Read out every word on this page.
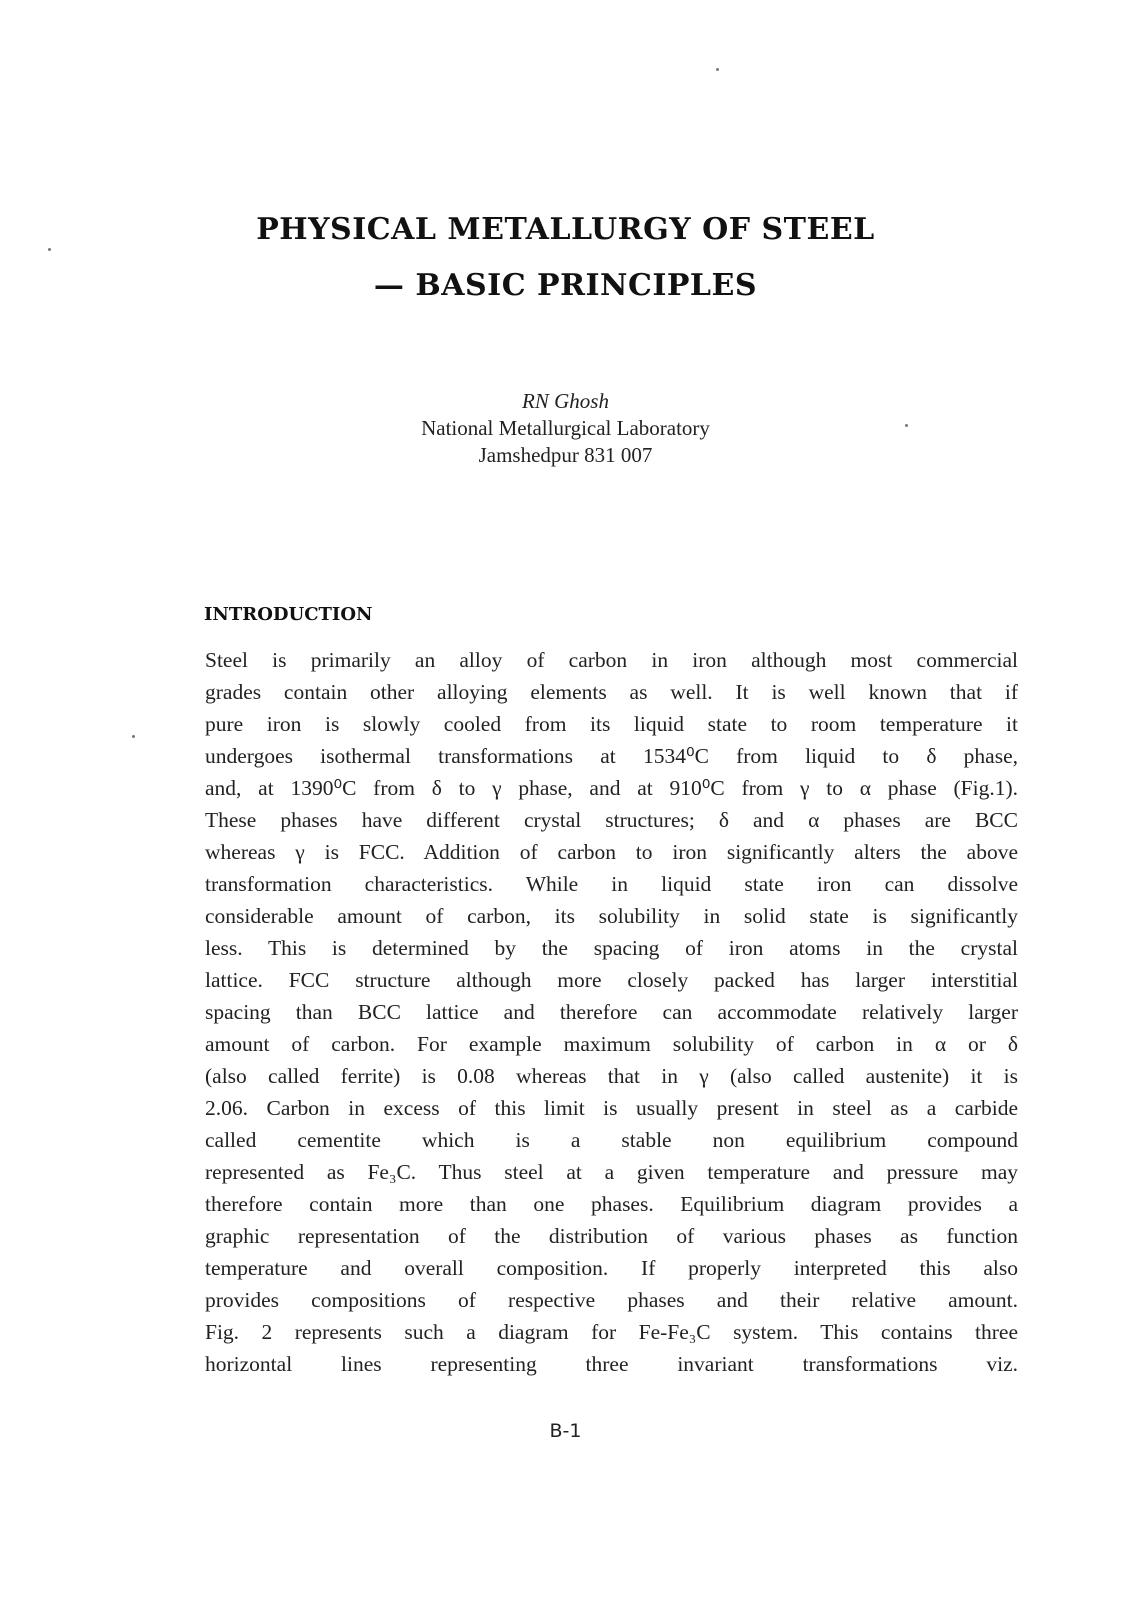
PHYSICAL METALLURGY OF STEEL
— BASIC PRINCIPLES
RN Ghosh
National Metallurgical Laboratory
Jamshedpur 831 007
INTRODUCTION
Steel is primarily an alloy of carbon in iron although most commercial
grades contain other alloying elements as well. It is well known that if
pure iron is slowly cooled from its liquid state to room temperature it
undergoes isothermal transformations at 1534⁰C from liquid to δ phase,
and, at 1390⁰C from δ to γ phase, and at 910⁰C from γ to α phase (Fig.1).
These phases have different crystal structures; δ and α phases are BCC
whereas γ is FCC. Addition of carbon to iron significantly alters the above
transformation characteristics. While in liquid state iron can dissolve
considerable amount of carbon, its solubility in solid state is significantly
less. This is determined by the spacing of iron atoms in the crystal
lattice. FCC structure although more closely packed has larger interstitial
spacing than BCC lattice and therefore can accommodate relatively larger
amount of carbon. For example maximum solubility of carbon in α or δ
(also called ferrite) is 0.08 whereas that in γ (also called austenite) it is
2.06. Carbon in excess of this limit is usually present in steel as a carbide
called cementite which is a stable non equilibrium compound
represented as Fe₃C. Thus steel at a given temperature and pressure may
therefore contain more than one phases. Equilibrium diagram provides a
graphic representation of the distribution of various phases as function
temperature and overall composition. If properly interpreted this also
provides compositions of respective phases and their relative amount.
Fig. 2 represents such a diagram for Fe-Fe₃C system. This contains three
horizontal lines representing three invariant transformations viz.
B-1
